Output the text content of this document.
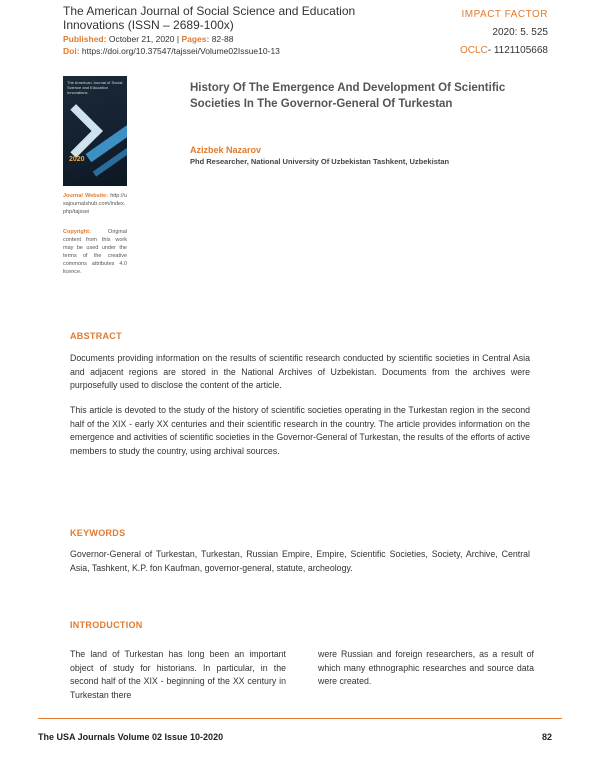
The American Journal of Social Science and Education Innovations (ISSN – 2689-100x)
Published: October 21, 2020 | Pages: 82-88
Doi: https://doi.org/10.37547/tajssei/Volume02Issue10-13
IMPACT FACTOR
2020: 5. 525
OCLC- 1121105668
The American Journal of Social Science and Education Innovations
2020
Journal Website: http://usajournalshub.com/index.php/tajssei
Copyright:	Original content from this work may be used under the terms of the creative commons attributes 4.0 licence.
History Of The Emergence And Development Of Scientific Societies In The Governor-General Of Turkestan
Azizbek Nazarov
Phd Researcher, National University Of Uzbekistan Tashkent, Uzbekistan
ABSTRACT
Documents providing information on the results of scientific research conducted by scientific societies in Central Asia and adjacent regions are stored in the National Archives of Uzbekistan. Documents from the archives were purposefully used to disclose the content of the article.
This article is devoted to the study of the history of scientific societies operating in the Turkestan region in the second half of the XIX - early XX centuries and their scientific research in the country. The article provides information on the emergence and activities of scientific societies in the Governor-General of Turkestan, the results of the efforts of active members to study the country, using archival sources.
KEYWORDS
Governor-General of Turkestan, Turkestan, Russian Empire, Empire, Scientific Societies, Society, Archive, Central Asia, Tashkent, K.P. fon Kaufman, governor-general, statute, archeology.
INTRODUCTION
The land of Turkestan has long been an important object of study for historians. In particular, in the second half of the XIX - beginning of the XX century in Turkestan there
were Russian and foreign researchers, as a result of which many ethnographic researches and source data were created.
The USA Journals Volume 02 Issue 10-2020	82
